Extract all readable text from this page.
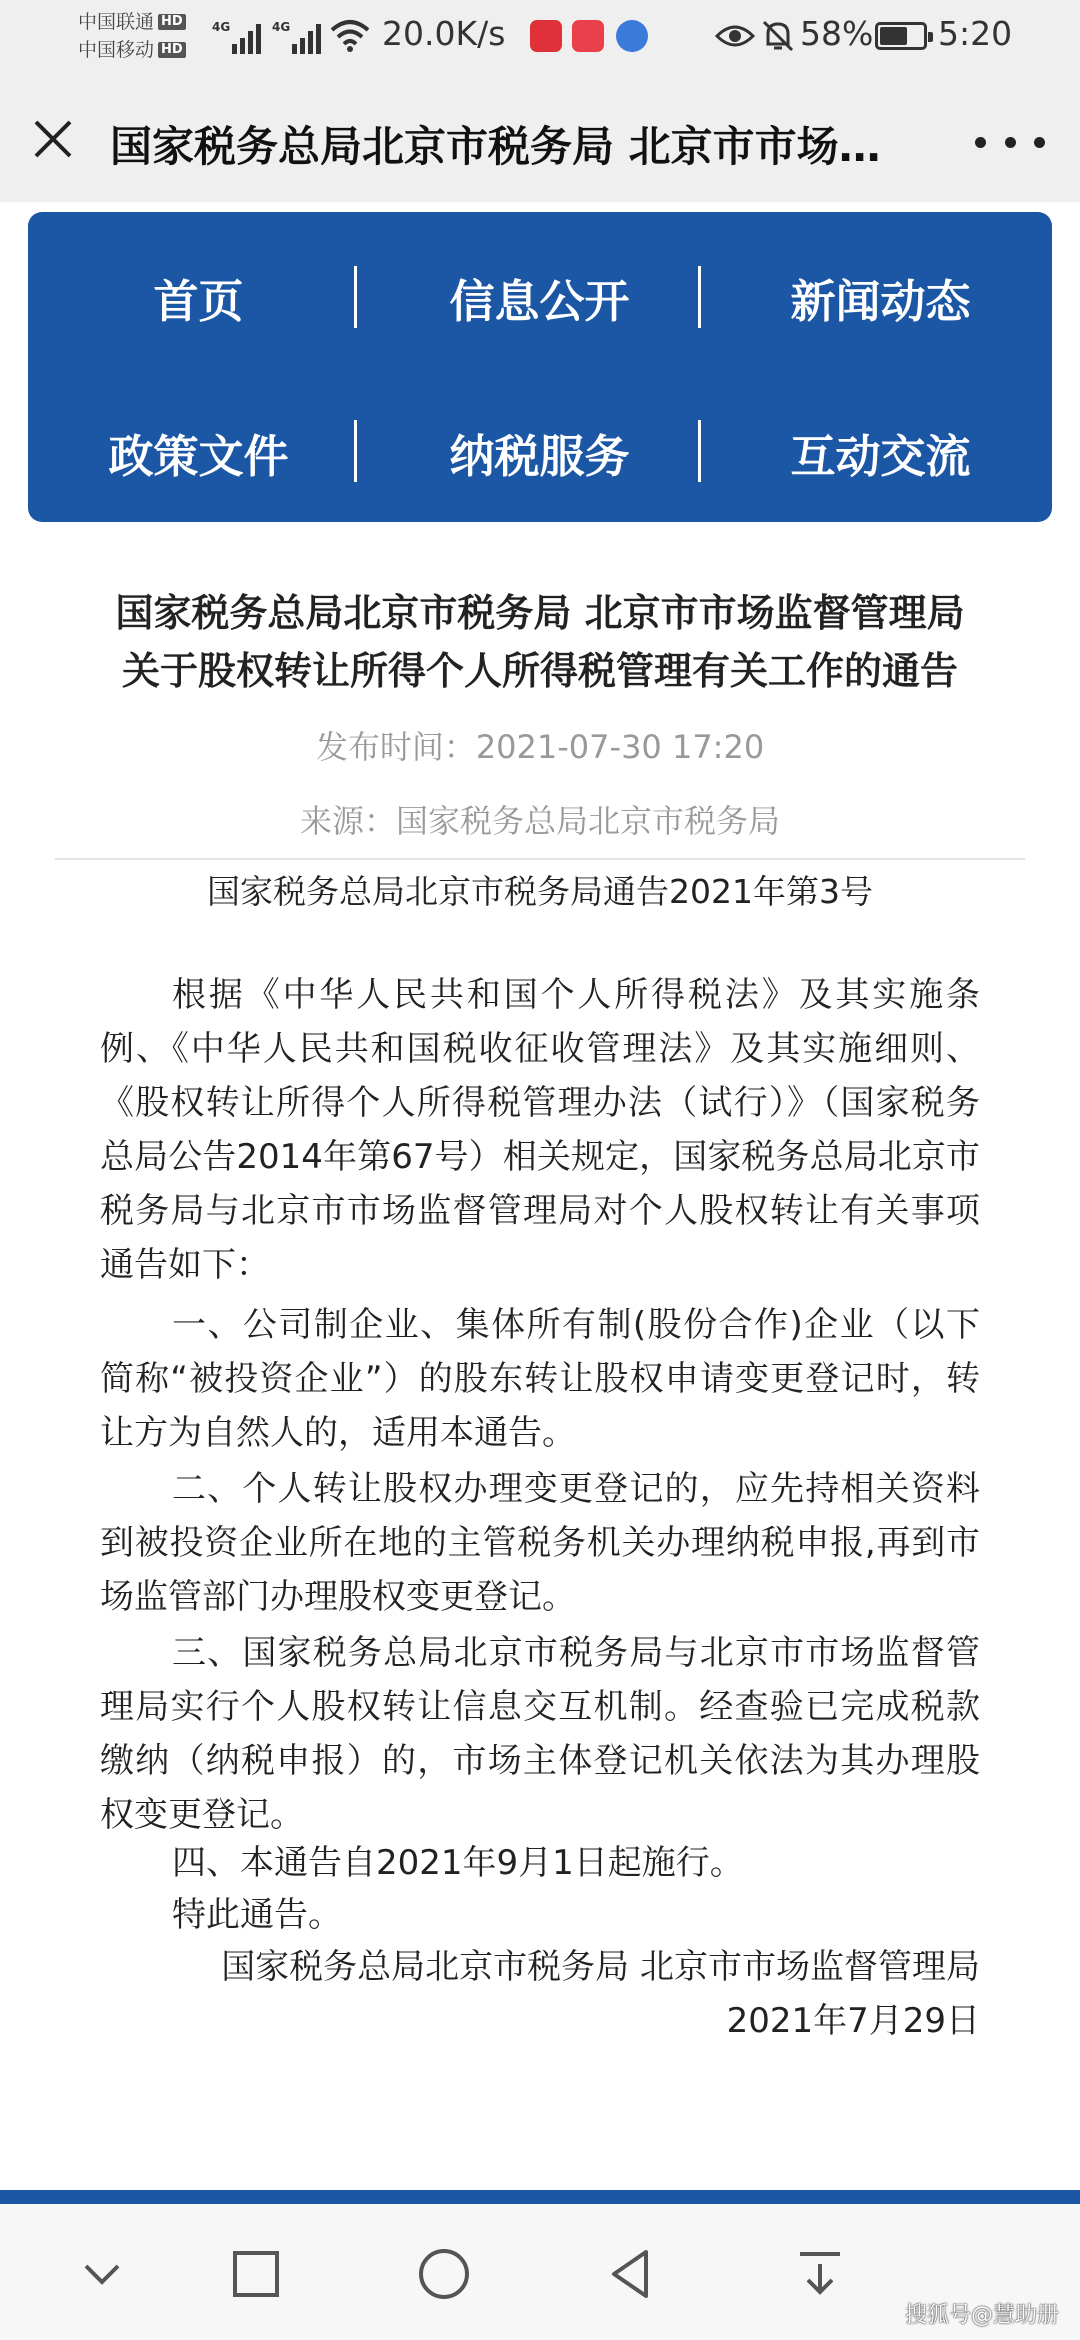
中国联通 HD
中国移动 HD
4G	4G	20.0K/s	58% 5:20
国家税务总局北京市税务局 北京市市场…
首页	信息公开	新闻动态
政策文件	纳税服务	互动交流
国家税务总局北京市税务局 北京市市场监督管理局
关于股权转让所得个人所得税管理有关工作的通告
发布时间：2021-07-30 17:20
来源：国家税务总局北京市税务局
国家税务总局北京市税务局通告2021年第3号

根据《中华人民共和国个人所得税法》及其实施条例、《中华人民共和国税收征收管理法》及其实施细则、《股权转让所得个人所得税管理办法（试行）》（国家税务总局公告2014年第67号）相关规定，国家税务总局北京市税务局与北京市市场监督管理局对个人股权转让有关事项通告如下：

一、公司制企业、集体所有制(股份合作)企业（以下简称“被投资企业”）的股东转让股权申请变更登记时，转让方为自然人的，适用本通告。

二、个人转让股权办理变更登记的，应先持相关资料到被投资企业所在地的主管税务机关办理纳税申报,再到市场监管部门办理股权变更登记。

三、国家税务总局北京市税务局与北京市市场监督管理局实行个人股权转让信息交互机制。经查验已完成税款缴纳（纳税申报）的，市场主体登记机关依法为其办理股权变更登记。

四、本通告自2021年9月1日起施行。

特此通告。

国家税务总局北京市税务局 北京市市场监督管理局
2021年7月29日
搜狐号@慧助册
